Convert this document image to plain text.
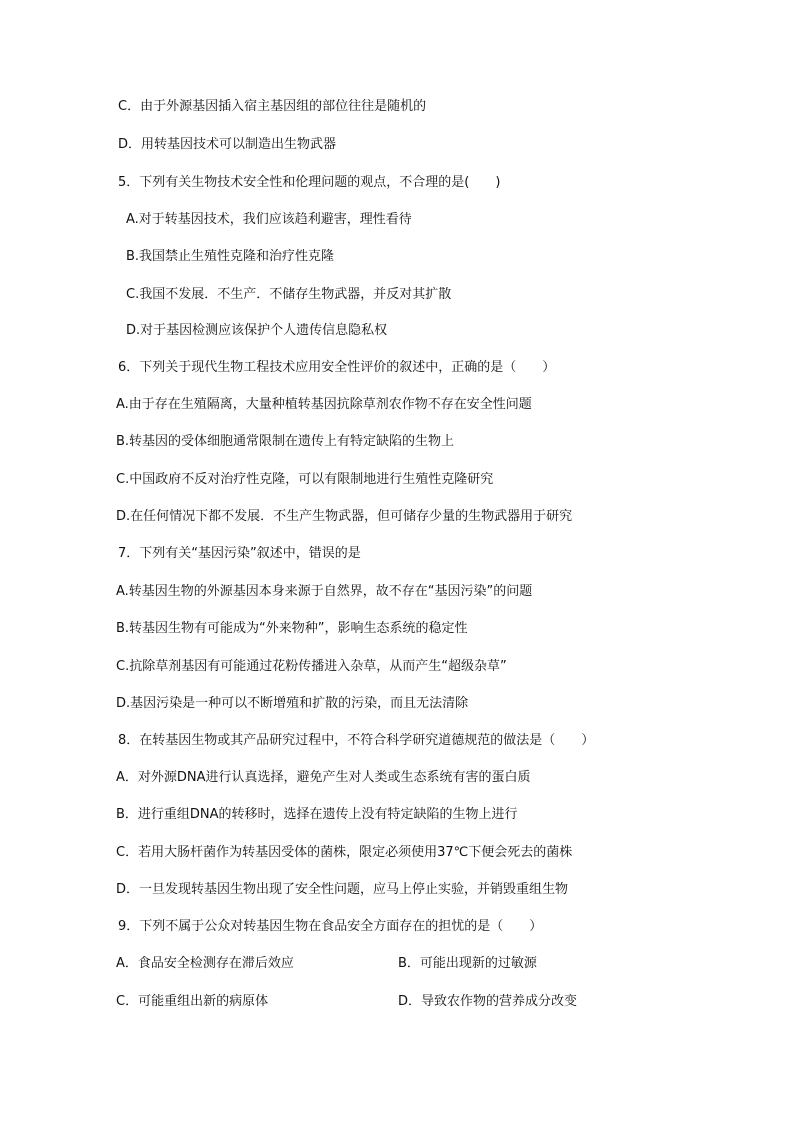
C．由于外源基因插入宿主基因组的部位往往是随机的
D．用转基因技术可以制造出生物武器
5．下列有关生物技术安全性和伦理问题的观点，不合理的是(　　)
A.对于转基因技术，我们应该趋利避害，理性看待
B.我国禁止生殖性克隆和治疗性克隆
C.我国不发展．不生产．不储存生物武器，并反对其扩散
D.对于基因检测应该保护个人遗传信息隐私权
6．下列关于现代生物工程技术应用安全性评价的叙述中，正确的是（　　）
A.由于存在生殖隔离，大量种植转基因抗除草剂农作物不存在安全性问题
B.转基因的受体细胞通常限制在遗传上有特定缺陷的生物上
C.中国政府不反对治疗性克隆，可以有限制地进行生殖性克隆研究
D.在任何情况下都不发展．不生产生物武器，但可储存少量的生物武器用于研究
7．下列有关“基因污染”叙述中，错误的是
A.转基因生物的外源基因本身来源于自然界，故不存在“基因污染”的问题
B.转基因生物有可能成为“外来物种”，影响生态系统的稳定性
C.抗除草剂基因有可能通过花粉传播进入杂草，从而产生“超级杂草”
D.基因污染是一种可以不断增殖和扩散的污染，而且无法清除
8．在转基因生物或其产品研究过程中，不符合科学研究道德规范的做法是（　　）
A．对外源DNA进行认真选择，避免产生对人类或生态系统有害的蛋白质
B．进行重组DNA的转移时，选择在遗传上没有特定缺陷的生物上进行
C．若用大肠杆菌作为转基因受体的菌株，限定必须使用37℃下便会死去的菌株
D．一旦发现转基因生物出现了安全性问题，应马上停止实验，并销毁重组生物
9．下列不属于公众对转基因生物在食品安全方面存在的担忧的是（　　）
A．食品安全检测存在滞后效应	B．可能出现新的过敏源
C．可能重组出新的病原体	D．导致农作物的营养成分改变
